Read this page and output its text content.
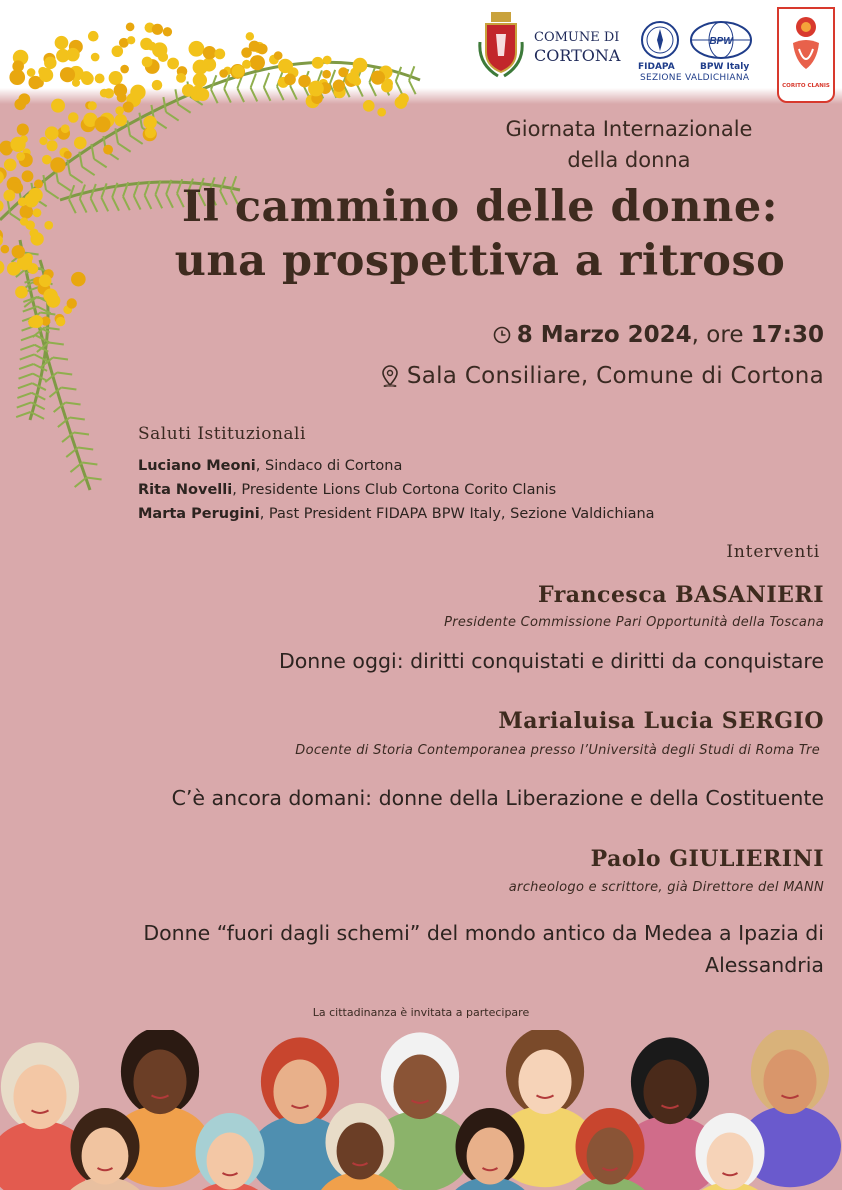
COMUNE DI
CORTONA
FIDAPA
BPW
BPW Italy
SEZIONE VALDICHIANA
CORITO CLANIS
Giornata Internazionale
della donna
Il cammino delle donne:
una prospettiva a ritroso
8 Marzo 2024, ore 17:30
Sala Consiliare, Comune di Cortona
Saluti Istituzionali
Luciano Meoni, Sindaco di Cortona
Rita Novelli, Presidente Lions Club Cortona Corito Clanis
Marta Perugini, Past President FIDAPA BPW Italy, Sezione Valdichiana
Interventi
Francesca BASANIERI
Presidente Commissione Pari Opportunità della Toscana
Donne oggi: diritti conquistati e diritti da conquistare
Marialuisa Lucia SERGIO
Docente di Storia Contemporanea presso l’Università degli Studi di Roma Tre
C’è ancora domani: donne della Liberazione e della Costituente
Paolo GIULIERINI
archeologo e scrittore, già Direttore del MANN
Donne “fuori dagli schemi” del mondo antico da Medea a Ipazia di
Alessandria
La cittadinanza è invitata a partecipare
